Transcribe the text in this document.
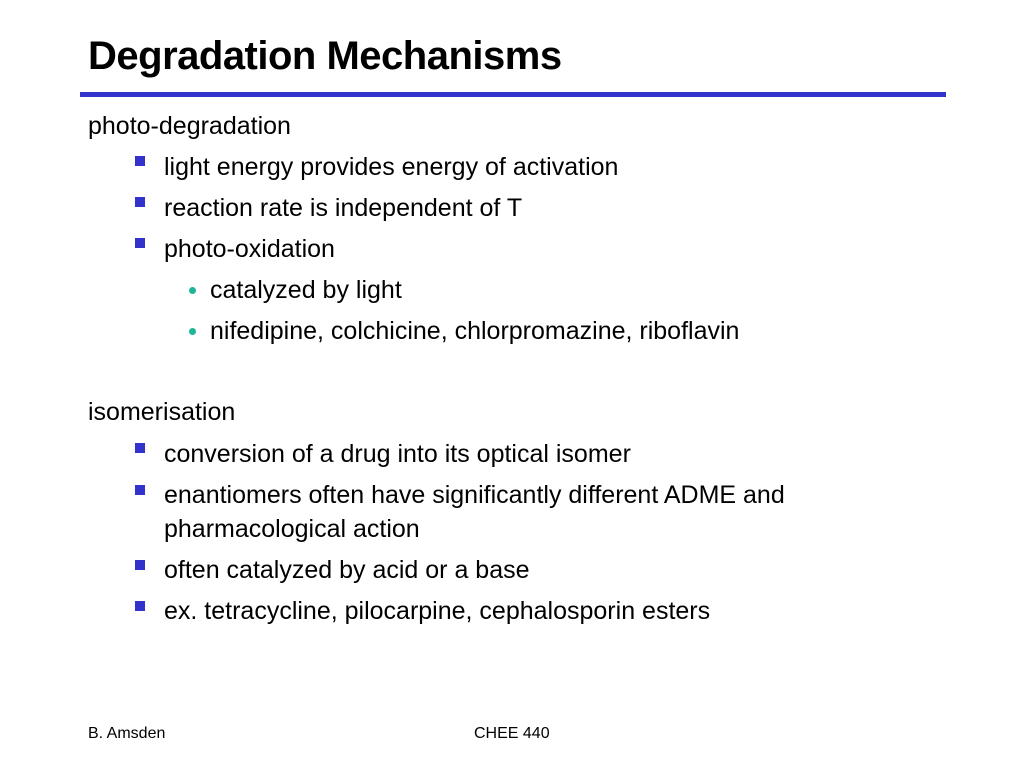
Degradation Mechanisms
photo-degradation
light energy provides energy of activation
reaction rate is independent of T
photo-oxidation
catalyzed by light
nifedipine, colchicine, chlorpromazine, riboflavin
isomerisation
conversion of a drug into its optical isomer
enantiomers often have significantly different ADME and
pharmacological action
often catalyzed by acid or a base
ex. tetracycline, pilocarpine, cephalosporin esters
B. Amsden	CHEE 440
